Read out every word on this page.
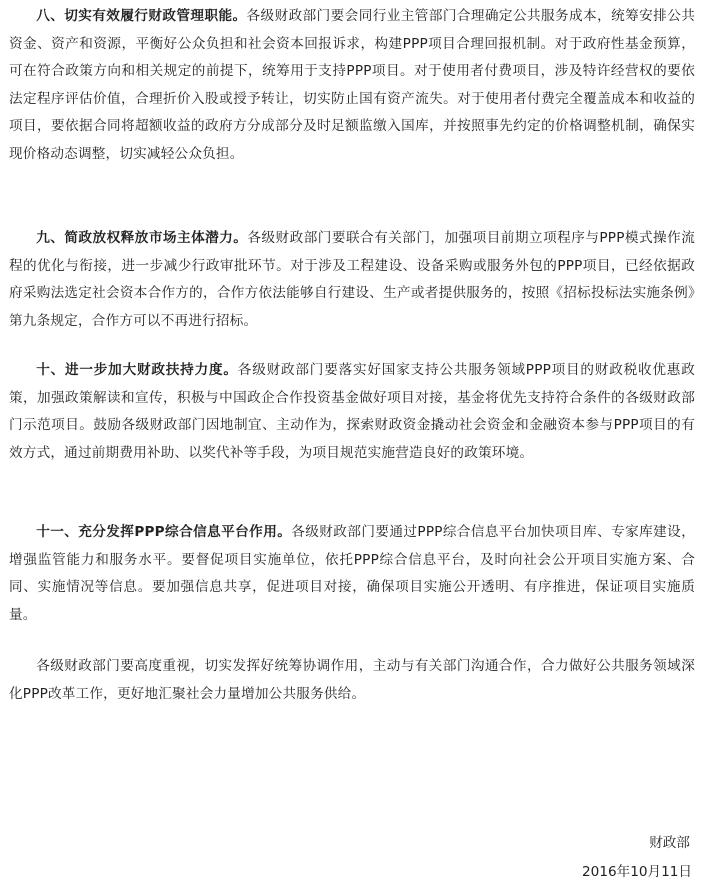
八、切实有效履行财政管理职能。各级财政部门要会同行业主管部门合理确定公共服务成本，统筹安排公共资金、资产和资源，平衡好公众负担和社会资本回报诉求，构建PPP项目合理回报机制。对于政府性基金预算，可在符合政策方向和相关规定的前提下，统筹用于支持PPP项目。对于使用者付费项目，涉及特许经营权的要依法定程序评估价值，合理折价入股或授予转让，切实防止国有资产流失。对于使用者付费完全覆盖成本和收益的项目，要依据合同将超额收益的政府方分成部分及时足额监缴入国库，并按照事先约定的价格调整机制，确保实现价格动态调整，切实减轻公众负担。

九、简政放权释放市场主体潜力。各级财政部门要联合有关部门，加强项目前期立项程序与PPP模式操作流程的优化与衔接，进一步减少行政审批环节。对于涉及工程建设、设备采购或服务外包的PPP项目，已经依据政府采购法选定社会资本合作方的，合作方依法能够自行建设、生产或者提供服务的，按照《招标投标法实施条例》第九条规定，合作方可以不再进行招标。

十、进一步加大财政扶持力度。各级财政部门要落实好国家支持公共服务领域PPP项目的财政税收优惠政策，加强政策解读和宣传，积极与中国政企合作投资基金做好项目对接，基金将优先支持符合条件的各级财政部门示范项目。鼓励各级财政部门因地制宜、主动作为，探索财政资金撬动社会资金和金融资本参与PPP项目的有效方式，通过前期费用补助、以奖代补等手段，为项目规范实施营造良好的政策环境。

十一、充分发挥PPP综合信息平台作用。各级财政部门要通过PPP综合信息平台加快项目库、专家库建设，增强监管能力和服务水平。要督促项目实施单位，依托PPP综合信息平台，及时向社会公开项目实施方案、合同、实施情况等信息。要加强信息共享，促进项目对接，确保项目实施公开透明、有序推进，保证项目实施质量。

各级财政部门要高度重视，切实发挥好统筹协调作用，主动与有关部门沟通合作，合力做好公共服务领域深化PPP改革工作，更好地汇聚社会力量增加公共服务供给。

财政部
2016年10月11日
